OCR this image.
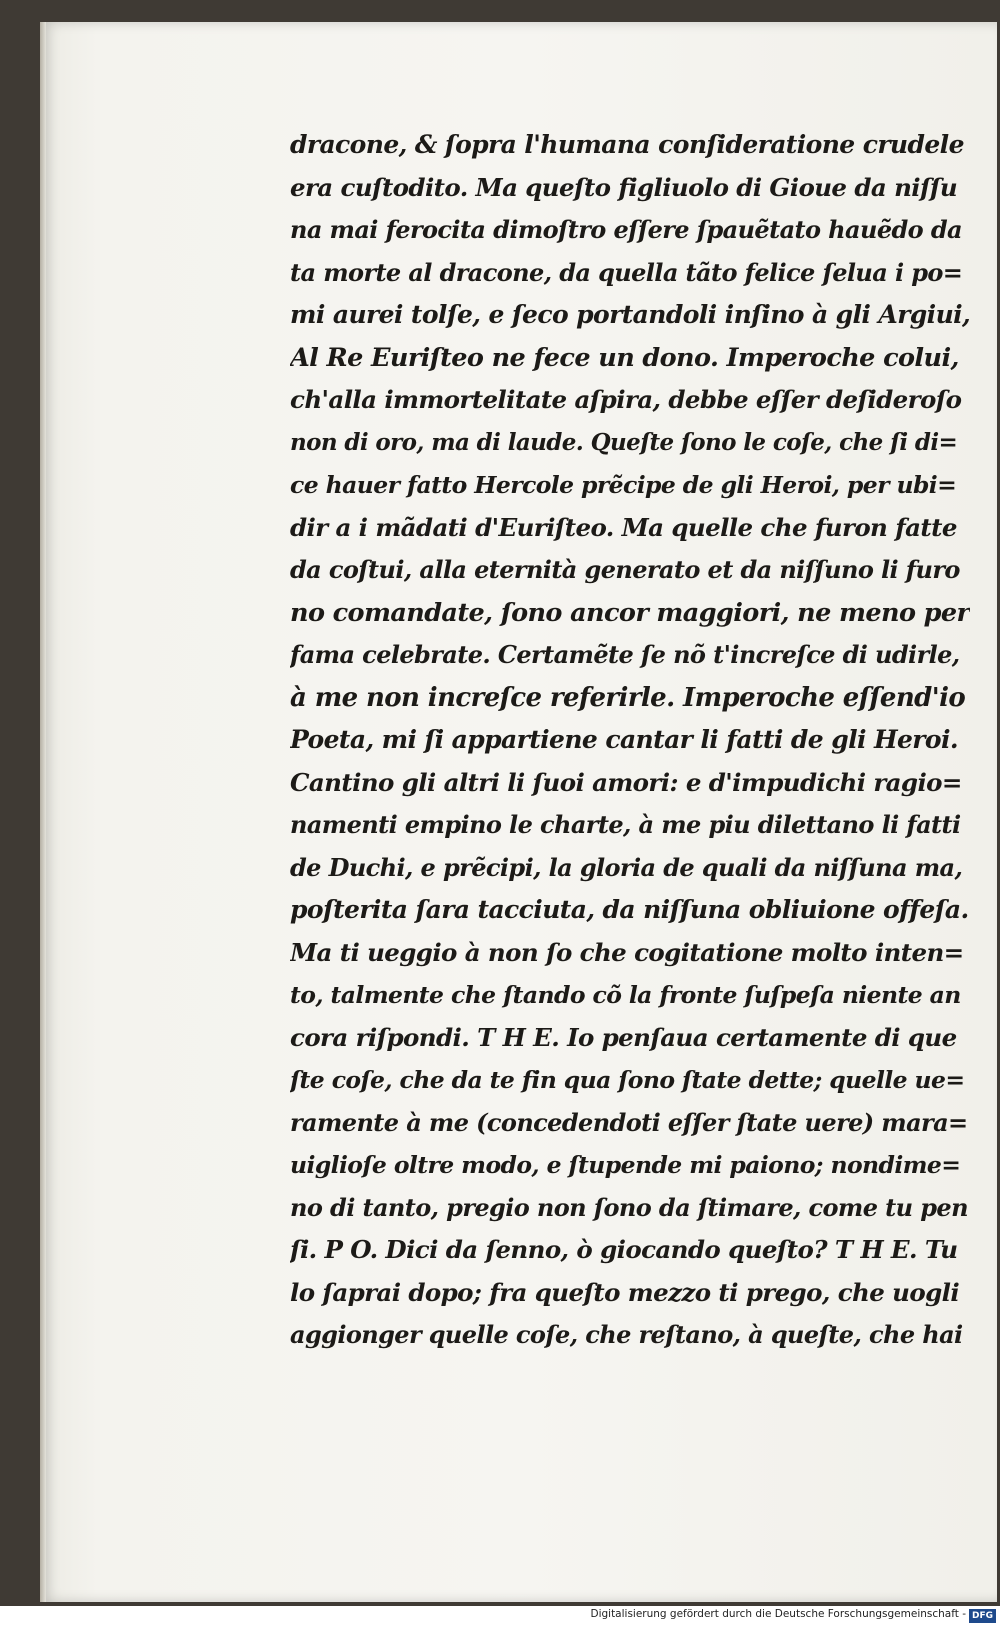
dracone, & ſopra l'humana conſideratione crudele
era cuſtodito. Ma queſto figliuolo di Gioue da niſſu
na mai ferocita dimoſtro eſſere ſpauẽtato hauẽdo da
ta morte al dracone, da quella tãto felice ſelua i po=
mi aurei tolſe, e ſeco portandoli inſino à gli Argiui,
Al Re Euriſteo ne fece un dono. Imperoche colui,
ch'alla immortelitate aſpira, debbe eſſer deſideroſo
non di oro, ma di laude. Queſte ſono le coſe, che ſi di=
ce hauer fatto Hercole prẽcipe de gli Heroi, per ubi=
dir a i mãdati d'Euriſteo. Ma quelle che furon fatte
da coſtui, alla eternità generato et da niſſuno li furo
no comandate, ſono ancor maggiori, ne meno per
fama celebrate. Certamẽte ſe nõ t'increſce di udirle,
à me non increſce referirle. Imperoche eſſend'io
Poeta, mi ſi appartiene cantar li fatti de gli Heroi.
Cantino gli altri li ſuoi amori: e d'impudichi ragio=
namenti empino le charte, à me piu dilettano li fatti
de Duchi, e prẽcipi, la gloria de quali da niſſuna ma,
poſterita ſara tacciuta, da niſſuna obliuione offeſa.
Ma ti ueggio à non ſo che cogitatione molto inten=
to, talmente che ſtando cõ la fronte ſuſpeſa niente an
cora riſpondi. T H E. Io penſaua certamente di que
ſte coſe, che da te fin qua ſono ſtate dette; quelle ue=
ramente à me (concedendoti eſſer ſtate uere) mara=
uiglioſe oltre modo, e ſtupende mi paiono; nondime=
no di tanto, pregio non ſono da ſtimare, come tu pen
ſi. P O. Dici da ſenno, ò giocando queſto? T H E. Tu
lo ſaprai dopo; fra queſto mezzo ti prego, che uogli
aggionger quelle coſe, che reſtano, à queſte, che hai
Digitalisierung gefördert durch die Deutsche Forschungsgemeinschaft - DFG
